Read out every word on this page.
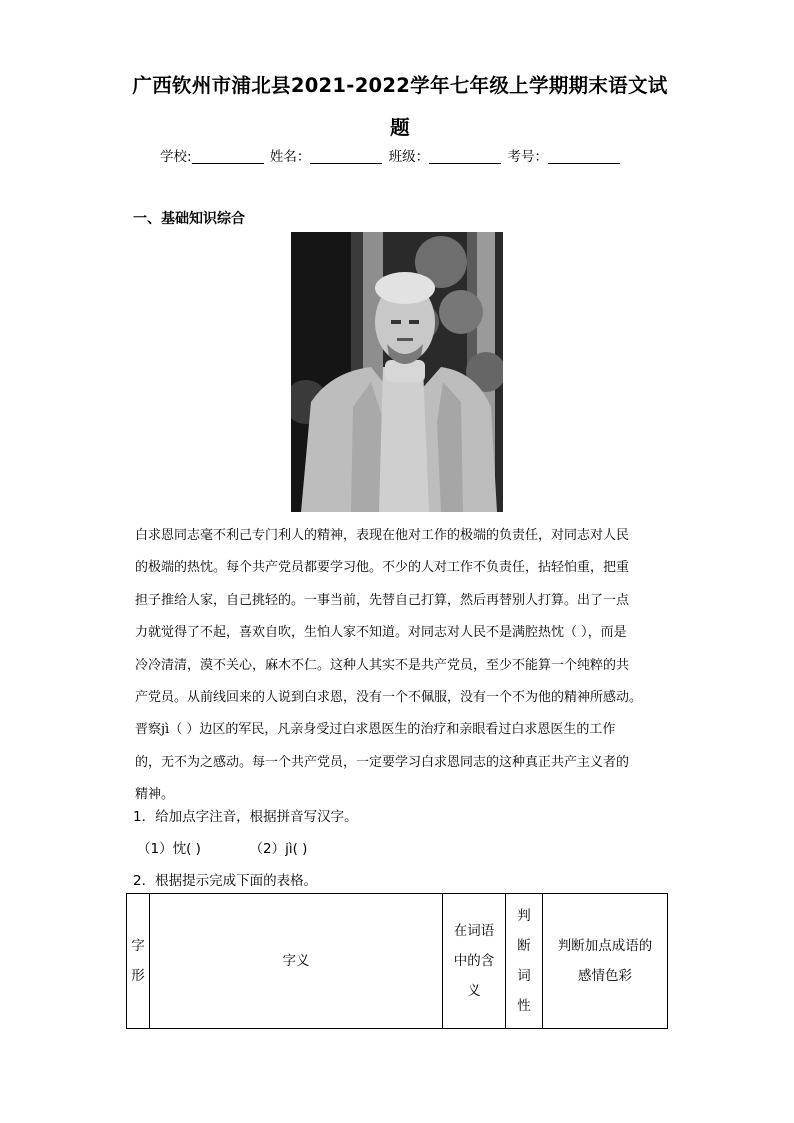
广西钦州市浦北县2021-2022学年七年级上学期期末语文试
题
学校:	姓名：	班级：	考号：
一、基础知识综合
白求恩同志毫不利己专门利人的精神，表现在他对工作的极端的负责任，对同志对人民
的极端的热忱。每个共产党员都要学习他。不少的人对工作不负责任，拈轻怕重，把重
担子推给人家，自己挑轻的。一事当前，先替自己打算，然后再替别人打算。出了一点
力就觉得了不起，喜欢自吹，生怕人家不知道。对同志对人民不是满腔热忱（ ），而是
冷冷清清，漠不关心，麻木不仁。这种人其实不是共产党员，至少不能算一个纯粹的共
产党员。从前线回来的人说到白求恩，没有一个不佩服，没有一个不为他的精神所感动。
晋察jì（ ）边区的军民，凡亲身受过白求恩医生的治疗和亲眼看过白求恩医生的工作
的，无不为之感动。每一个共产党员，一定要学习白求恩同志的这种真正共产主义者的
精神。
1．给加点字注音，根据拼音写汉字。
（1）忱( )	（2）jì( )
2．根据提示完成下面的表格。
字形	字义	在词语中的含义	判断词性	判断加点成语的感情色彩
